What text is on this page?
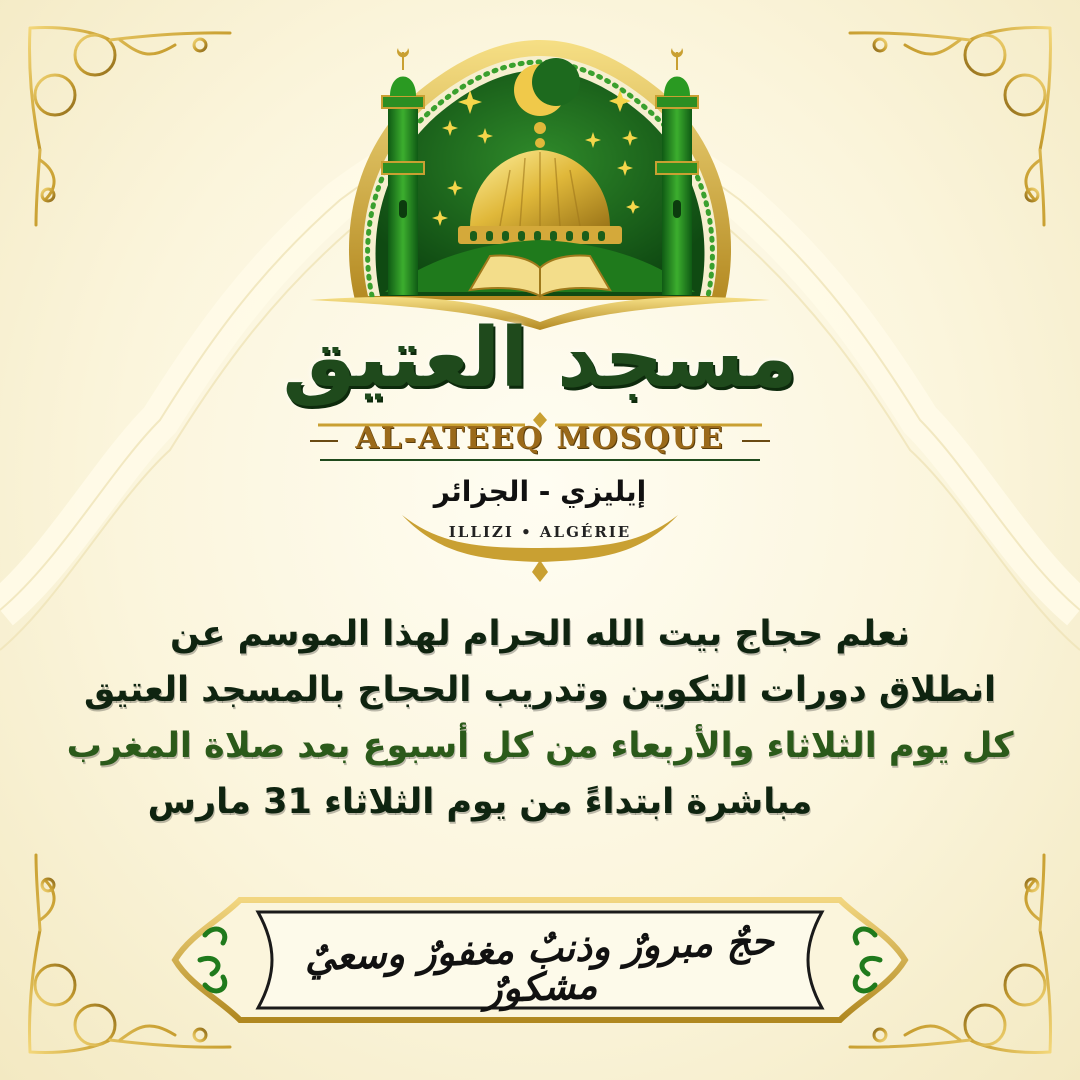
مسجد العتيق
AL-ATEEQ MOSQUE
إيليزي - الجزائر
ILLIZI • ALGÉRIE
نعلم حجاج بيت الله الحرام لهذا الموسم عن
انطلاق دورات التكوين وتدريب الحجاج بالمسجد العتيق
كل يوم الثلاثاء والأربعاء من كل أسبوع بعد صلاة المغرب
مباشرة ابتداءً من يوم الثلاثاء 31 مارس
حجٌ مبرورٌ وذنبٌ مغفورٌ وسعيٌ مشكورٌ
